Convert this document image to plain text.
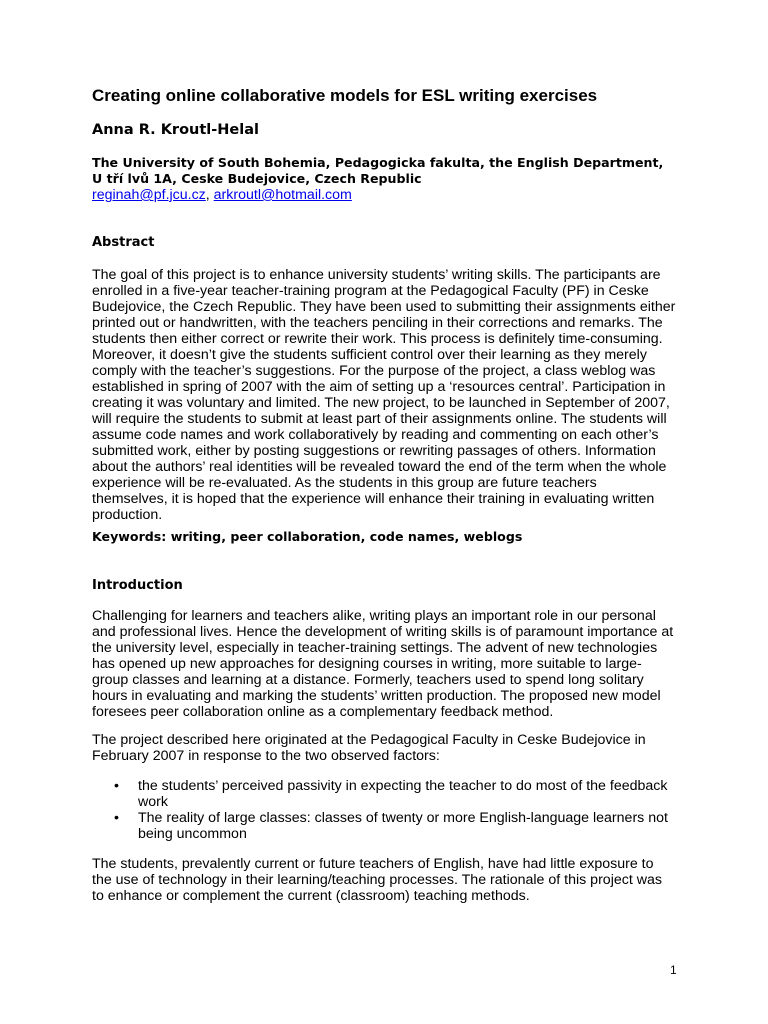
Creating online collaborative models for ESL writing exercises
Anna R. Kroutl-Helal
The University of South Bohemia, Pedagogicka fakulta, the English Department,
U tří lvů 1A, Ceske Budejovice, Czech Republic
reginah@pf.jcu.cz, arkroutl@hotmail.com
Abstract
The goal of this project is to enhance university students’ writing skills. The participants are
enrolled in a five-year teacher-training program at the Pedagogical Faculty (PF) in Ceske
Budejovice, the Czech Republic. They have been used to submitting their assignments either
printed out or handwritten, with the teachers penciling in their corrections and remarks. The
students then either correct or rewrite their work. This process is definitely time-consuming.
Moreover, it doesn’t give the students sufficient control over their learning as they merely
comply with the teacher’s suggestions. For the purpose of the project, a class weblog was
established in spring of 2007 with the aim of setting up a ‘resources central’. Participation in
creating it was voluntary and limited. The new project, to be launched in September of 2007,
will require the students to submit at least part of their assignments online. The students will
assume code names and work collaboratively by reading and commenting on each other’s
submitted work, either by posting suggestions or rewriting passages of others. Information
about the authors’ real identities will be revealed toward the end of the term when the whole
experience will be re-evaluated. As the students in this group are future teachers
themselves, it is hoped that the experience will enhance their training in evaluating written
production.
Keywords: writing, peer collaboration, code names, weblogs
Introduction
Challenging for learners and teachers alike, writing plays an important role in our personal
and professional lives. Hence the development of writing skills is of paramount importance at
the university level, especially in teacher-training settings. The advent of new technologies
has opened up new approaches for designing courses in writing, more suitable to large-
group classes and learning at a distance. Formerly, teachers used to spend long solitary
hours in evaluating and marking the students’ written production. The proposed new model
foresees peer collaboration online as a complementary feedback method.
The project described here originated at the Pedagogical Faculty in Ceske Budejovice in
February 2007 in response to the two observed factors:
• the students’ perceived passivity in expecting the teacher to do most of the feedback
work
• The reality of large classes: classes of twenty or more English-language learners not
being uncommon
The students, prevalently current or future teachers of English, have had little exposure to
the use of technology in their learning/teaching processes. The rationale of this project was
to enhance or complement the current (classroom) teaching methods.
1
